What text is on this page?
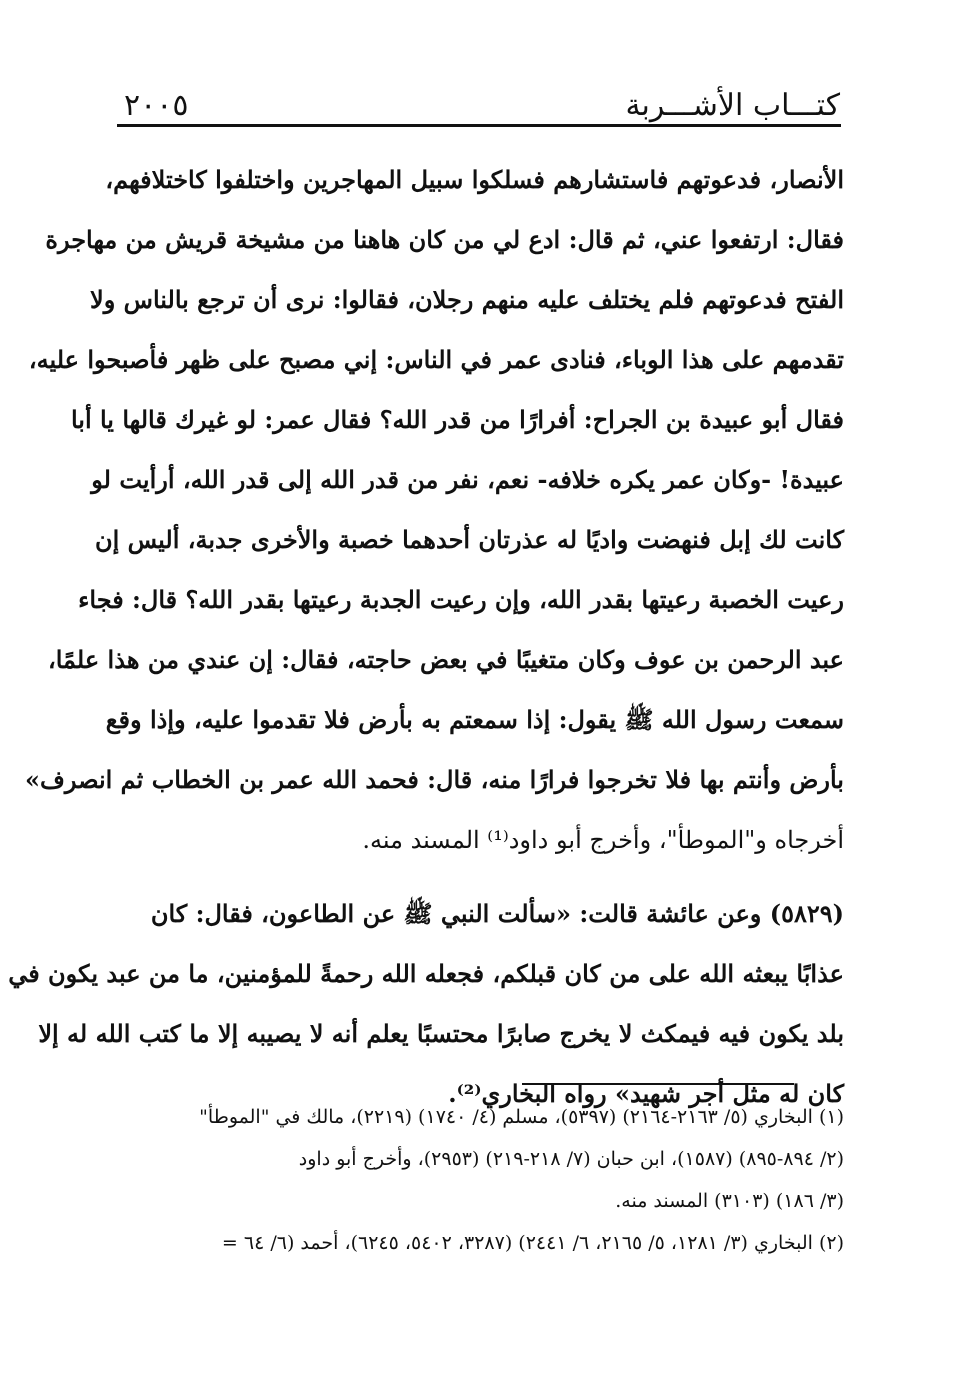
كتـــاب الأشـــربة
٢٠٠٥
الأنصار، فدعوتهم فاستشارهم فسلكوا سبيل المهاجرين واختلفوا كاختلافهم،
فقال: ارتفعوا عني، ثم قال: ادع لي من كان هاهنا من مشيخة قريش من مهاجرة
الفتح فدعوتهم فلم يختلف عليه منهم رجلان، فقالوا: نرى أن ترجع بالناس ولا
تقدمهم على هذا الوباء، فنادى عمر في الناس: إني مصبح على ظهر فأصبحوا عليه،
فقال أبو عبيدة بن الجراح: أفرارًا من قدر الله؟ فقال عمر: لو غيرك قالها يا أبا
عبيدة! -وكان عمر يكره خلافه- نعم، نفر من قدر الله إلى قدر الله، أرأيت لو
كانت لك إبل فنهضت واديًا له عذرتان أحدهما خصبة والأخرى جدبة، أليس إن
رعيت الخصبة رعيتها بقدر الله، وإن رعيت الجدبة رعيتها بقدر الله؟ قال: فجاء
عبد الرحمن بن عوف وكان متغيبًا في بعض حاجته، فقال: إن عندي من هذا علمًا،
سمعت رسول الله ﷺ يقول: إذا سمعتم به بأرض فلا تقدموا عليه، وإذا وقع
بأرض وأنتم بها فلا تخرجوا فرارًا منه، قال: فحمد الله عمر بن الخطاب ثم انصرف»
أخرجاه و"الموطأ"، وأخرج أبو داود⁽¹⁾ المسند منه.
(٥٨٢٩) وعن عائشة قالت: «سألت النبي ﷺ عن الطاعون، فقال: كان
عذابًا يبعثه الله على من كان قبلكم، فجعله الله رحمةً للمؤمنين، ما من عبد يكون في
بلد يكون فيه فيمكث لا يخرج صابرًا محتسبًا يعلم أنه لا يصيبه إلا ما كتب الله له إلا
كان له مثل أجر شهيد» رواه البخاري⁽²⁾.
(١) البخاري (٥/ ٢١٦٣-٢١٦٤) (٥٣٩٧)، مسلم (٤/ ١٧٤٠) (٢٢١٩)، مالك في "الموطأ"
(٢/ ٨٩٤-٨٩٥) (١٥٨٧)، ابن حبان (٧/ ٢١٨-٢١٩) (٢٩٥٣)، وأخرج أبو داود
(٣/ ١٨٦) (٣١٠٣) المسند منه.
(٢) البخاري (٣/ ١٢٨١، ٥/ ٢١٦٥، ٦/ ٢٤٤١) (٣٢٨٧، ٥٤٠٢، ٦٢٤٥)، أحمد (٦/ ٦٤ =
